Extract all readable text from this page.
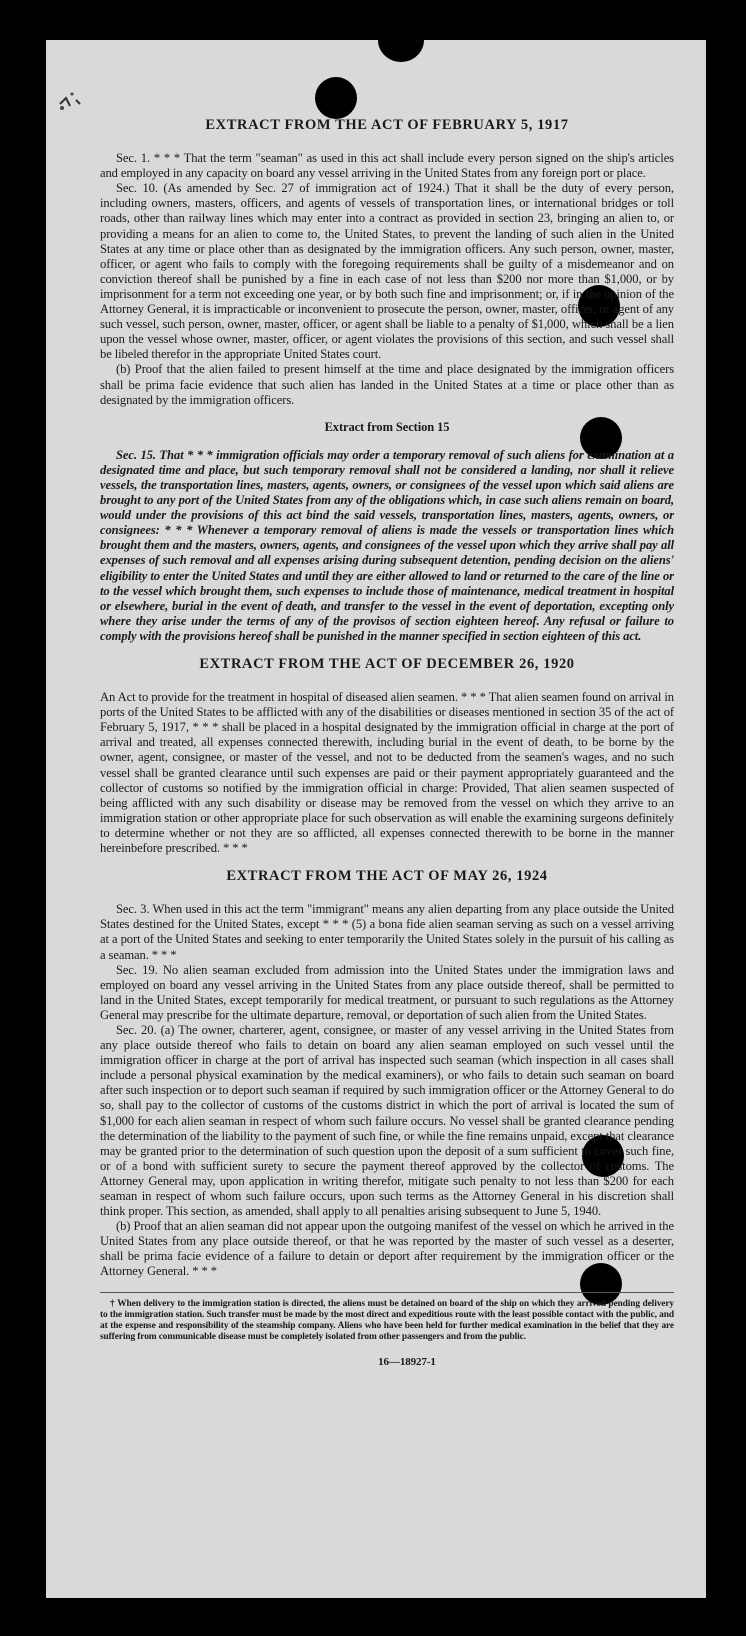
EXTRACT FROM THE ACT OF FEBRUARY 5, 1917

Sec. 1. * * * That the term "seaman" as used in this act shall include every person signed on the ship's articles and employed in any capacity on board any vessel arriving in the United States from any foreign port or place.

Sec. 10. (As amended by Sec. 27 of immigration act of 1924.) That it shall be the duty of every person, including owners, masters, officers, and agents of vessels of transportation lines, or international bridges or toll roads, other than railway lines which may enter into a contract as provided in section 23, bringing an alien to, or providing a means for an alien to come to, the United States, to prevent the landing of such alien in the United States at any time or place other than as designated by the immigration officers. Any such person, owner, master, officer, or agent who fails to comply with the foregoing requirements shall be guilty of a misdemeanor and on conviction thereof shall be punished by a fine in each case of not less than $200 nor more than $1,000, or by imprisonment for a term not exceeding one year, or by both such fine and imprisonment; or, if in the opinion of the Attorney General, it is impracticable or inconvenient to prosecute the person, owner, master, officer, or agent of any such vessel, such person, owner, master, officer, or agent shall be liable to a penalty of $1,000, which shall be a lien upon the vessel whose owner, master, officer, or agent violates the provisions of this section, and such vessel shall be libeled therefor in the appropriate United States court.

(b) Proof that the alien failed to present himself at the time and place designated by the immigration officers shall be prima facie evidence that such alien has landed in the United States at a time or place other than as designated by the immigration officers.

Extract from Section 15

Sec. 15. That * * * immigration officials may order a temporary removal of such aliens for examination at a designated time and place, but such temporary removal shall not be considered a landing, nor shall it relieve vessels, the transportation lines, masters, agents, owners, or consignees of the vessel upon which said aliens are brought to any port of the United States from any of the obligations which, in case such aliens remain on board, would under the provisions of this act bind the said vessels, transportation lines, masters, agents, owners, or consignees: * * * Whenever a temporary removal of aliens is made the vessels or transportation lines which brought them and the masters, owners, agents, and consignees of the vessel upon which they arrive shall pay all expenses of such removal and all expenses arising during subsequent detention, pending decision on the aliens' eligibility to enter the United States and until they are either allowed to land or returned to the care of the line or to the vessel which brought them, such expenses to include those of maintenance, medical treatment in hospital or elsewhere, burial in the event of death, and transfer to the vessel in the event of deportation, excepting only where they arise under the terms of any of the provisos of section eighteen hereof. Any refusal or failure to comply with the provisions hereof shall be punished in the manner specified in section eighteen of this act.

EXTRACT FROM THE ACT OF DECEMBER 26, 1920

An Act to provide for the treatment in hospital of diseased alien seamen. * * * That alien seamen found on arrival in ports of the United States to be afflicted with any of the disabilities or diseases mentioned in section 35 of the act of February 5, 1917, * * * shall be placed in a hospital designated by the immigration official in charge at the port of arrival and treated, all expenses connected therewith, including burial in the event of death, to be borne by the owner, agent, consignee, or master of the vessel, and not to be deducted from the seamen's wages, and no such vessel shall be granted clearance until such expenses are paid or their payment appropriately guaranteed and the collector of customs so notified by the immigration official in charge: Provided, That alien seamen suspected of being afflicted with any such disability or disease may be removed from the vessel on which they arrive to an immigration station or other appropriate place for such observation as will enable the examining surgeons definitely to determine whether or not they are so afflicted, all expenses connected therewith to be borne in the manner hereinbefore prescribed. * * *

EXTRACT FROM THE ACT OF MAY 26, 1924

Sec. 3. When used in this act the term "immigrant" means any alien departing from any place outside the United States destined for the United States, except * * * (5) a bona fide alien seaman serving as such on a vessel arriving at a port of the United States and seeking to enter temporarily the United States solely in the pursuit of his calling as a seaman. * * *

Sec. 19. No alien seaman excluded from admission into the United States under the immigration laws and employed on board any vessel arriving in the United States from any place outside thereof, shall be permitted to land in the United States, except temporarily for medical treatment, or pursuant to such regulations as the Attorney General may prescribe for the ultimate departure, removal, or deportation of such alien from the United States.

Sec. 20. (a) The owner, charterer, agent, consignee, or master of any vessel arriving in the United States from any place outside thereof who fails to detain on board any alien seaman employed on such vessel until the immigration officer in charge at the port of arrival has inspected such seaman (which inspection in all cases shall include a personal physical examination by the medical examiners), or who fails to detain such seaman on board after such inspection or to deport such seaman if required by such immigration officer or the Attorney General to do so, shall pay to the collector of customs of the customs district in which the port of arrival is located the sum of $1,000 for each alien seaman in respect of whom such failure occurs. No vessel shall be granted clearance pending the determination of the liability to the payment of such fine, or while the fine remains unpaid, except that clearance may be granted prior to the determination of such question upon the deposit of a sum sufficient to cover such fine, or of a bond with sufficient surety to secure the payment thereof approved by the collector of customs. The Attorney General may, upon application in writing therefor, mitigate such penalty to not less than $200 for each seaman in respect of whom such failure occurs, upon such terms as the Attorney General in his discretion shall think proper. This section, as amended, shall apply to all penalties arising subsequent to June 5, 1940.

(b) Proof that an alien seaman did not appear upon the outgoing manifest of the vessel on which he arrived in the United States from any place outside thereof, or that he was reported by the master of such vessel as a deserter, shall be prima facie evidence of a failure to detain or deport after requirement by the immigration officer or the Attorney General. * * *

† When delivery to the immigration station is directed, the aliens must be detained on board of the ship on which they arrived pending delivery to the immigration station. Such transfer must be made by the most direct and expeditious route with the least possible contact with the public, and at the expense and responsibility of the steamship company. Aliens who have been held for further medical examination in the belief that they are suffering from communicable disease must be completely isolated from other passengers and from the public.
16—18927-1
